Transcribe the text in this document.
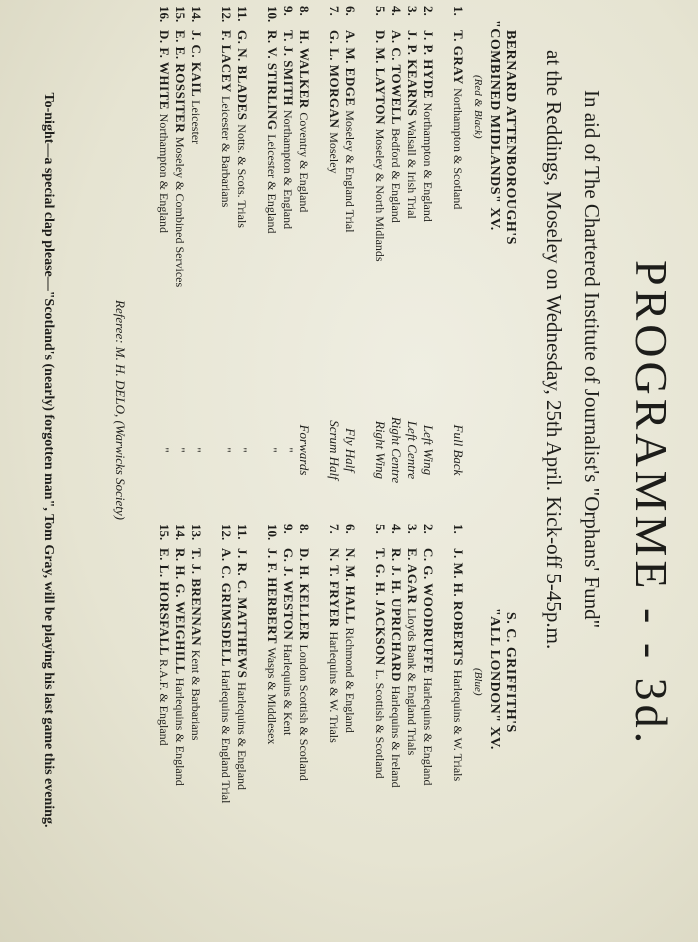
PROGRAMME - - 3d.
In aid of The Chartered Institute of Journalist's "Orphans' Fund"
at the Reddings, Moseley on Wednesday, 25th April. Kick-off 5-45p.m.
BERNARD ATTENBOROUGH'S
"COMBINED MIDLANDS" XV.
(Red & Black)
S. C. GRIFFITH'S
"ALL LONDON" XV.
(Blue)
1.T. GRAY Northampton & Scotland
2.J. P. HYDE Northampton & England
3.J. P. KEARNS Walsall & Irish Trial
4.A. C. TOWELL Bedford & England
5.D. M. LAYTON Moseley & North Midlands
6.A. M. EDGE Moseley & England Trial
7.G. L. MORGAN Moseley
8.H. WALKER Coventry & England
9.T. J. SMITH Northampton & England
10.R. V. STIRLING Leicester & England
11.G. N. BLADES Notts. & Scots. Trials
12.F. LACEY Leicester & Barbarians
14.J. C. KAIL Leicester
15.E. E. ROSSITER Moseley & Combined Services
16.D. F. WHITE Northampton & England
Full Back
Left Wing
Left Centre
Right Centre
Right Wing
Fly Half
Scrum Half
Forwards
"
"
"
"
"
"
"
1.J. M. H. ROBERTS Harlequins & W. Trials
2.C. G. WOODRUFFE Harlequins & England
3.E. AGAR Lloyds Bank & England Trials
4.R. J. H. UPRICHARD Harlequins & Ireland
5.T. G. H. JACKSON L. Scottish & Scotland
6.N. M. HALL Richmond & England
7.N. T. FRYER Harlequins & W. Trials
8.D. H. KELLER London Scottish & Scotland
9.G. J. WESTON Harlequins & Kent
10.J. F. HERBERT Wasps & Middlesex
11.J. R. C. MATTHEWS Harlequins & England
12.A. C. GRIMSDELL Harlequins & England Trial
13.T. J. BRENNAN Kent & Barbarians
14.R. H. G. WEIGHILL Harlequins & England
15.E. L. HORSFALL R.A.F. & England
Referee: M. H. DELO, (Warwicks Society)
To-night—a special clap please—"Scotland's (nearly) forgotten man", Tom Gray, will be playing his last game this evening.
